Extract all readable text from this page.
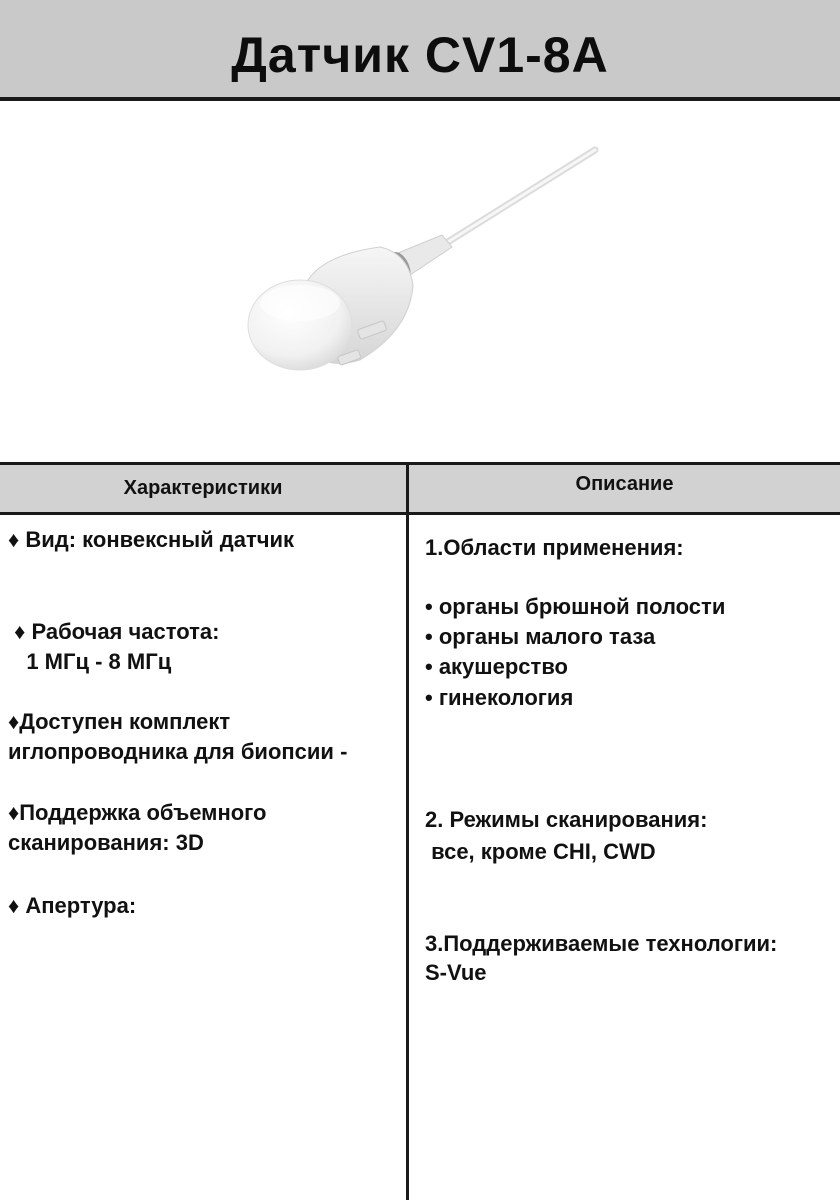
Датчик CV1-8A
Характеристики	Описание
♦ Вид: конвексный датчик
♦ Рабочая частота:
1 МГц - 8 МГц
♦Доступен комплект
иглопроводника для биопсии -
♦Поддержка объемного
сканирования: 3D
♦ Апертура:
1.Области применения:
• органы брюшной полости
• органы малого таза
• акушерство
• гинекология
2. Режимы сканирования:
все, кроме CHI, CWD
3.Поддерживаемые технологии:
S-Vue
